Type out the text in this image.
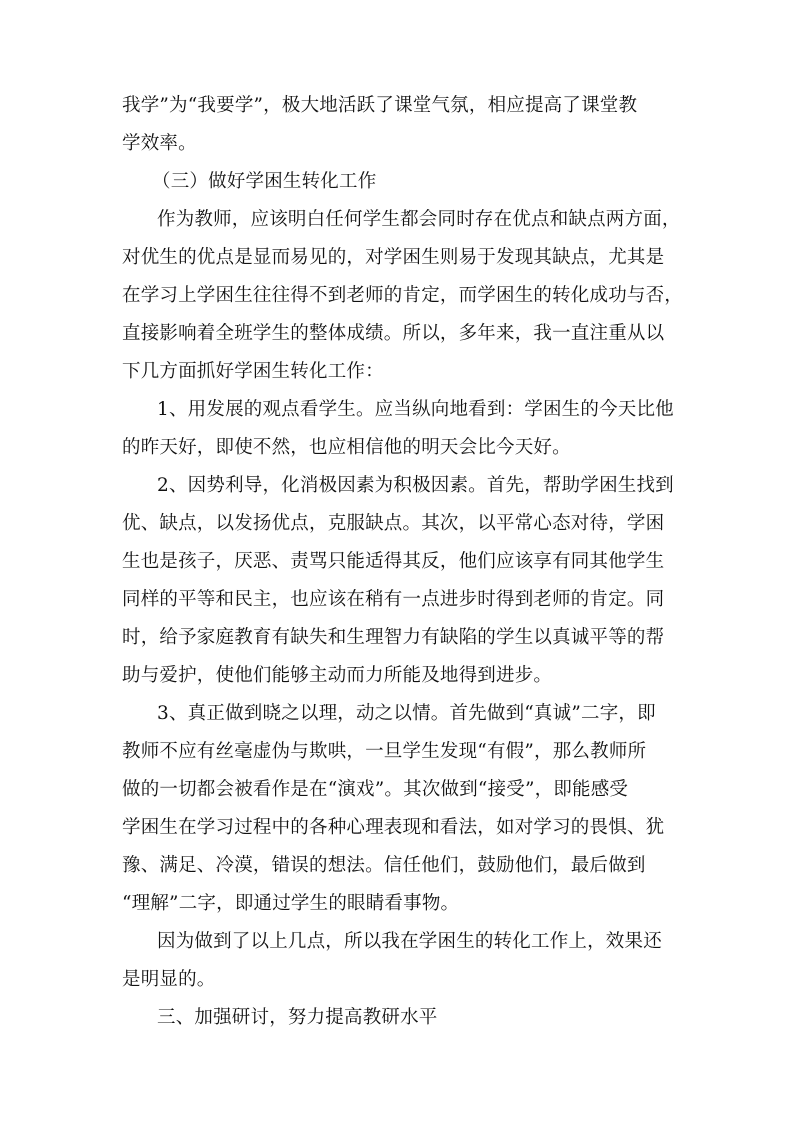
我学”为“我要学”，极大地活跃了课堂气氛，相应提高了课堂教
学效率。
（三）做好学困生转化工作
作为教师，应该明白任何学生都会同时存在优点和缺点两方面，
对优生的优点是显而易见的，对学困生则易于发现其缺点，尤其是
在学习上学困生往往得不到老师的肯定，而学困生的转化成功与否，
直接影响着全班学生的整体成绩。所以，多年来，我一直注重从以
下几方面抓好学困生转化工作：
1、用发展的观点看学生。应当纵向地看到：学困生的今天比他
的昨天好，即使不然，也应相信他的明天会比今天好。
2、因势利导，化消极因素为积极因素。首先，帮助学困生找到
优、缺点，以发扬优点，克服缺点。其次，以平常心态对待，学困
生也是孩子，厌恶、责骂只能适得其反，他们应该享有同其他学生
同样的平等和民主，也应该在稍有一点进步时得到老师的肯定。同
时，给予家庭教育有缺失和生理智力有缺陷的学生以真诚平等的帮
助与爱护，使他们能够主动而力所能及地得到进步。
3、真正做到晓之以理，动之以情。首先做到“真诚”二字，即
教师不应有丝毫虚伪与欺哄，一旦学生发现“有假”，那么教师所
做的一切都会被看作是在“演戏”。其次做到“接受”，即能感受
学困生在学习过程中的各种心理表现和看法，如对学习的畏惧、犹
豫、满足、冷漠，错误的想法。信任他们，鼓励他们，最后做到
“理解”二字，即通过学生的眼睛看事物。
因为做到了以上几点，所以我在学困生的转化工作上，效果还
是明显的。
三、加强研讨，努力提高教研水平
